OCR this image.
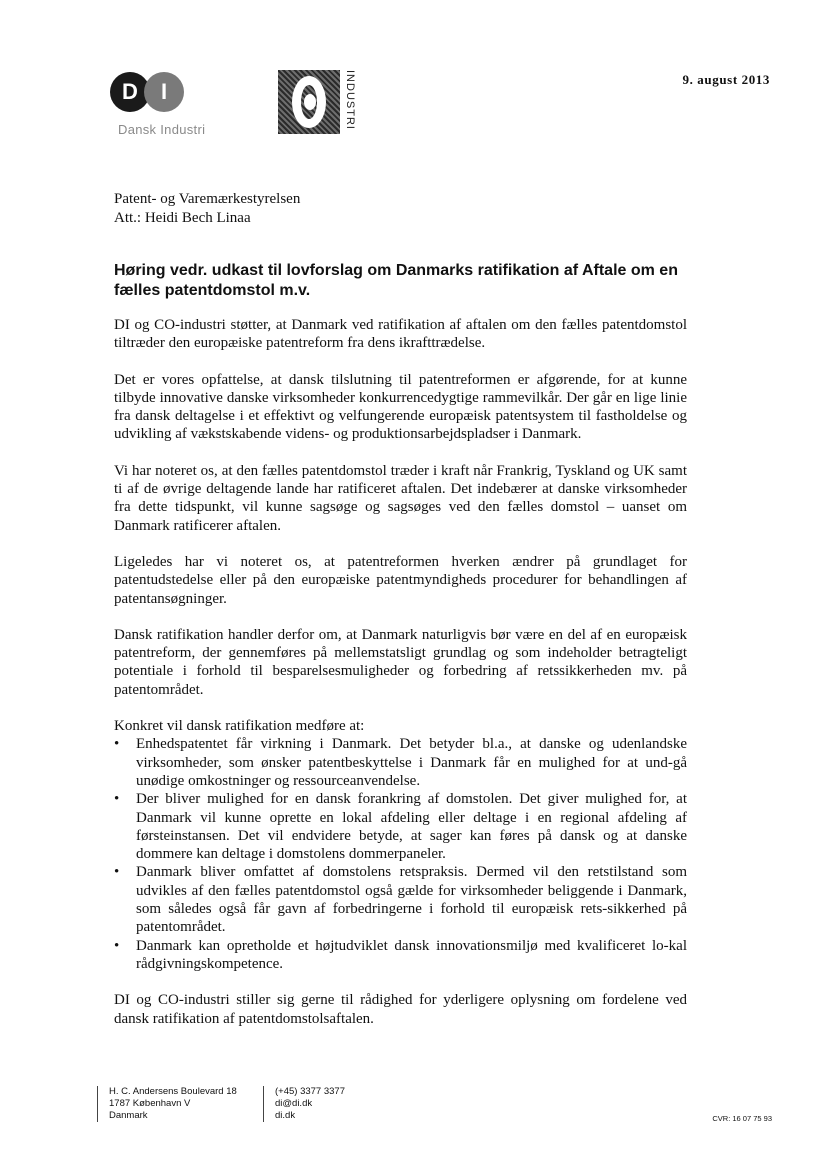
D	I
Dansk Industri	INDUSTRI	9. august 2013
Patent- og Varemærkestyrelsen
Att.: Heidi Bech Linaa
Høring vedr. udkast til lovforslag om Danmarks ratifikation af Aftale om en fælles patentdomstol m.v.

DI og CO-industri støtter, at Danmark ved ratifikation af aftalen om den fælles patentdomstol tiltræder den europæiske patentreform fra dens ikrafttrædelse.

Det er vores opfattelse, at dansk tilslutning til patentreformen er afgørende, for at kunne tilbyde innovative danske virksomheder konkurrencedygtige rammevilkår. Der går en lige linie fra dansk deltagelse i et effektivt og velfungerende europæisk patentsystem til fastholdelse og udvikling af vækstskabende videns- og produktionsarbejdspladser i Danmark.

Vi har noteret os, at den fælles patentdomstol træder i kraft når Frankrig, Tyskland og UK samt ti af de øvrige deltagende lande har ratificeret aftalen. Det indebærer at danske virksomheder fra dette tidspunkt, vil kunne sagsøge og sagsøges ved den fælles domstol – uanset om Danmark ratificerer aftalen.

Ligeledes har vi noteret os, at patentreformen hverken ændrer på grundlaget for patentudstedelse eller på den europæiske patentmyndigheds procedurer for behandlingen af patentansøgninger.

Dansk ratifikation handler derfor om, at Danmark naturligvis bør være en del af en europæisk patentreform, der gennemføres på mellemstatsligt grundlag og som indeholder betragteligt potentiale i forhold til besparelsesmuligheder og forbedring af retssikkerheden mv. på patentområdet.

Konkret vil dansk ratifikation medføre at:
• Enhedspatentet får virkning i Danmark. Det betyder bl.a., at danske og udenlandske virksomheder, som ønsker patentbeskyttelse i Danmark får en mulighed for at und-gå unødige omkostninger og ressourceanvendelse.
• Der bliver mulighed for en dansk forankring af domstolen. Det giver mulighed for, at Danmark vil kunne oprette en lokal afdeling eller deltage i en regional afdeling af førsteinstansen. Det vil endvidere betyde, at sager kan føres på dansk og at danske dommere kan deltage i domstolens dommerpaneler.
• Danmark bliver omfattet af domstolens retspraksis. Dermed vil den retstilstand som udvikles af den fælles patentdomstol også gælde for virksomheder beliggende i Danmark, som således også får gavn af forbedringerne i forhold til europæisk rets-sikkerhed på patentområdet.
• Danmark kan opretholde et højtudviklet dansk innovationsmiljø med kvalificeret lo-kal rådgivningskompetence.

DI og CO-industri stiller sig gerne til rådighed for yderligere oplysning om fordelene ved dansk ratifikation af patentdomstolsaftalen.

H. C. Andersens Boulevard 18
1787 København V
Danmark
(+45) 3377 3377
di@di.dk
di.dk	CVR: 16 07 75 93
